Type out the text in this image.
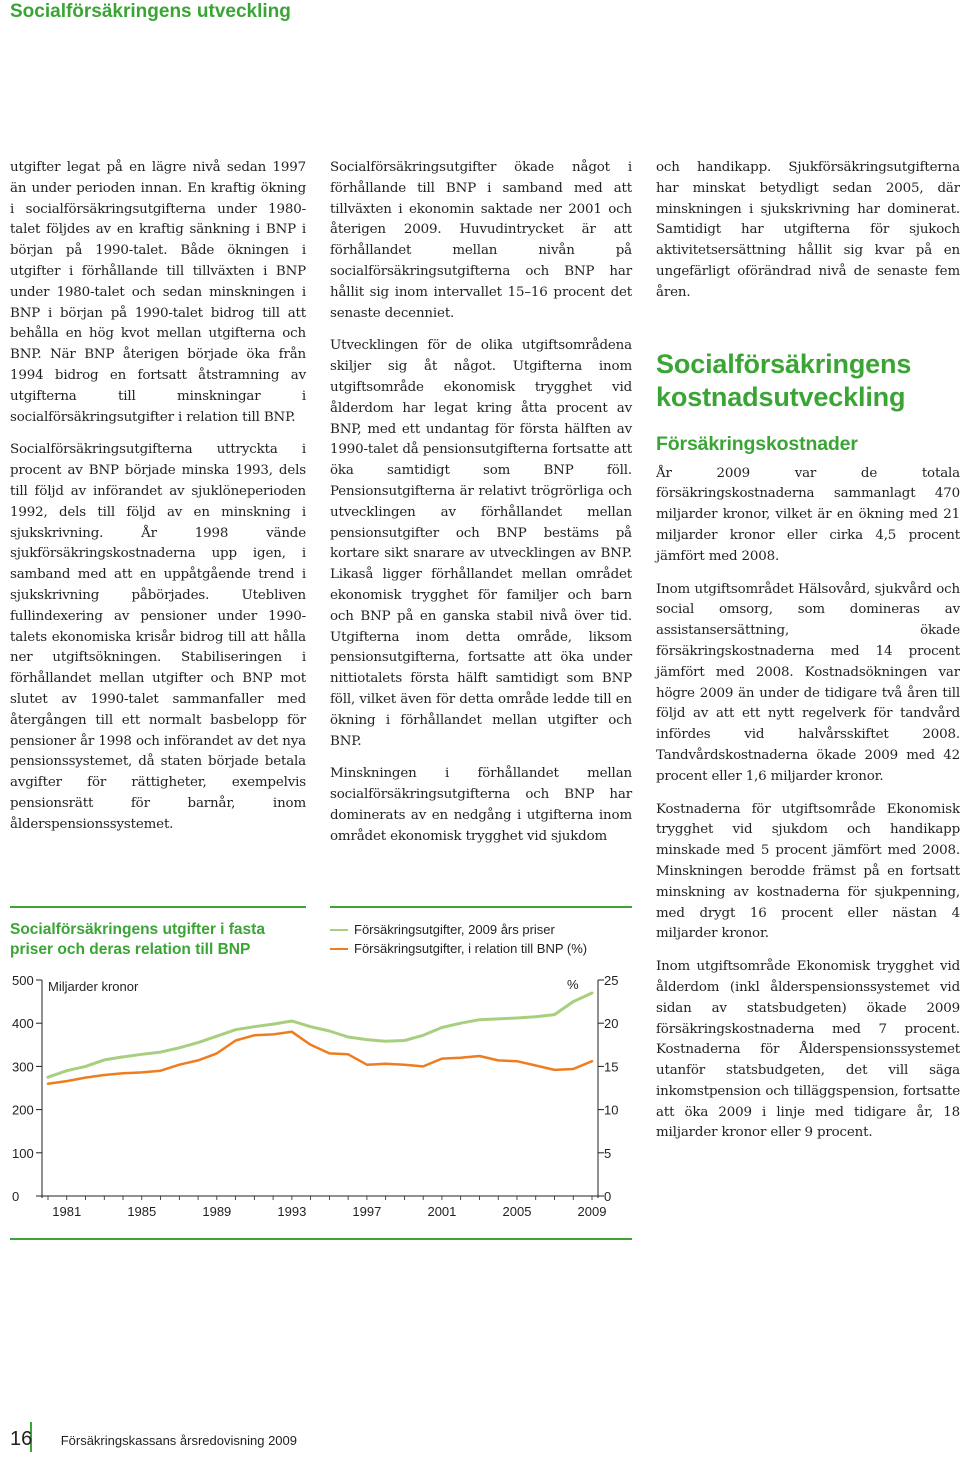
Socialförsäkringens utveckling

utgifter legat på en lägre nivå sedan 1997 än under perioden innan. En kraftig ökning i socialförsäkringsutgifterna under 1980-talet följdes av en kraftig sänkning i BNP i början på 1990-talet. Både ökningen i utgifter i förhållande till tillväxten i BNP under 1980-talet och sedan minskningen i BNP i början på 1990-talet bidrog till att behålla en hög kvot mellan utgifterna och BNP. När BNP återigen började öka från 1994 bidrog en fortsatt åtstramning av utgifterna till minskningar i socialförsäkringsutgifter i relation till BNP.

Socialförsäkringsutgifterna uttryckta i procent av BNP började minska 1993, dels till följd av införandet av sjuklöneperioden 1992, dels till följd av en minskning i sjukskrivning. År 1998 vände sjukförsäkringskostnaderna upp igen, i samband med att en uppåtgående trend i sjukskrivning påbörjades. Utebliven fullindexering av pensioner under 1990-talets ekonomiska krisår bidrog till att hålla ner utgiftsökningen. Stabiliseringen i förhållandet mellan utgifter och BNP mot slutet av 1990-talet sammanfaller med återgången till ett normalt basbelopp för pensioner år 1998 och införandet av det nya pensionssystemet, då staten började betala avgifter för rättigheter, exempelvis pensionsrätt för barnår, inom ålderspensionssystemet.

Socialförsäkringsutgifter ökade något i förhållande till BNP i samband med att tillväxten i ekonomin saktade ner 2001 och återigen 2009. Huvudintrycket är att förhållandet mellan nivån på socialförsäkringsutgifterna och BNP har hållit sig inom intervallet 15–16 procent det senaste decenniet.

Utvecklingen för de olika utgiftsområdena skiljer sig åt något. Utgifterna inom utgiftsområde ekonomisk trygghet vid ålderdom har legat kring åtta procent av BNP, med ett undantag för första hälften av 1990-talet då pensionsutgifterna fortsatte att öka samtidigt som BNP föll. Pensionsutgifterna är relativt trögrörliga och utvecklingen av förhållandet mellan pensionsutgifter och BNP bestäms på kortare sikt snarare av utvecklingen av BNP. Likaså ligger förhållandet mellan området ekonomisk trygghet för familjer och barn och BNP på en ganska stabil nivå över tid. Utgifterna inom detta område, liksom pensionsutgifterna, fortsatte att öka under nittiotalets första hälft samtidigt som BNP föll, vilket även för detta område ledde till en ökning i förhållandet mellan utgifter och BNP.

Minskningen i förhållandet mellan socialförsäkringsutgifterna och BNP har dominerats av en nedgång i utgifterna inom området ekonomisk trygghet vid sjukdom

och handikapp. Sjukförsäkringsutgifterna har minskat betydligt sedan 2005, där minskningen i sjukskrivning har dominerat. Samtidigt har utgifterna för sjukoch aktivitetsersättning hållit sig kvar på en ungefärligt oförändrad nivå de senaste fem åren.

Socialförsäkringens kostnadsutveckling
Försäkringskostnader

År 2009 var de totala försäkringskostnaderna sammanlagt 470 miljarder kronor, vilket är en ökning med 21 miljarder kronor eller cirka 4,5 procent jämfört med 2008.

Inom utgiftsområdet Hälsovård, sjukvård och social omsorg, som domineras av assistansersättning, ökade försäkringskostnaderna med 14 procent jämfört med 2008. Kostnadsökningen var högre 2009 än under de tidigare två åren till följd av att ett nytt regelverk för tandvård infördes vid halvårsskiftet 2008. Tandvårdskostnaderna ökade 2009 med 42 procent eller 1,6 miljarder kronor.

Kostnaderna för utgiftsområde Ekonomisk trygghet vid sjukdom och handikapp minskade med 5 procent jämfört med 2008. Minskningen berodde främst på en fortsatt minskning av kostnaderna för sjukpenning, med drygt 16 procent eller nästan 4 miljarder kronor.

Inom utgiftsområde Ekonomisk trygghet vid ålderdom (inkl ålderspensionssystemet vid sidan av statsbudgeten) ökade 2009 försäkringskostnaderna med 7 procent. Kostnaderna för Ålderspensionssystemet utanför statsbudgeten, det vill säga inkomstpension och tilläggspension, fortsatte att öka 2009 i linje med tidigare år, 18 miljarder kronor eller 9 procent.

Socialförsäkringens utgifter i fasta priser och deras relation till BNP
Försäkringsutgifter, 2009 års priser
Försäkringsutgifter, i relation till BNP (%)
0
100
200
300
400
500
0
5
10
15
20
25
1981	1985	1989	1993	1997	2001	2005	2009
Miljarder kronor	%
16 Försäkringskassans årsredovisning 2009
